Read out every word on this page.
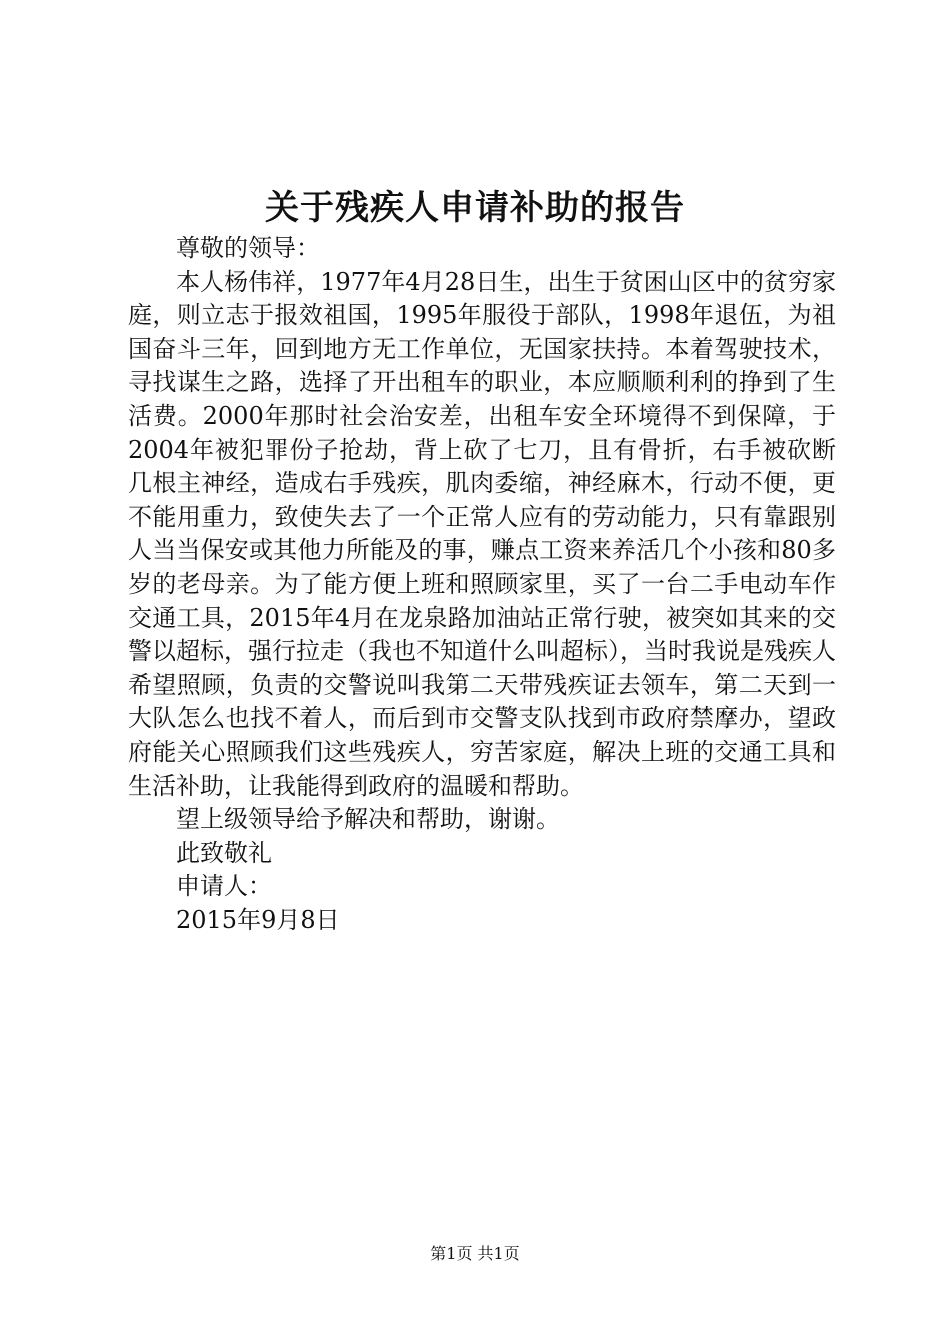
关于残疾人申请补助的报告

尊敬的领导：

本人杨伟祥，1977年4月28日生，出生于贫困山区中的贫穷家庭，则立志于报效祖国，1995年服役于部队，1998年退伍，为祖国奋斗三年，回到地方无工作单位，无国家扶持。本着驾驶技术，寻找谋生之路，选择了开出租车的职业，本应顺顺利利的挣到了生活费。2000年那时社会治安差，出租车安全环境得不到保障，于2004年被犯罪份子抢劫，背上砍了七刀，且有骨折，右手被砍断几根主神经，造成右手残疾，肌肉委缩，神经麻木，行动不便，更不能用重力，致使失去了一个正常人应有的劳动能力，只有靠跟别人当当保安或其他力所能及的事，赚点工资来养活几个小孩和80多岁的老母亲。为了能方便上班和照顾家里，买了一台二手电动车作交通工具，2015年4月在龙泉路加油站正常行驶，被突如其来的交警以超标，强行拉走（我也不知道什么叫超标），当时我说是残疾人希望照顾，负责的交警说叫我第二天带残疾证去领车，第二天到一大队怎么也找不着人，而后到市交警支队找到市政府禁摩办，望政府能关心照顾我们这些残疾人，穷苦家庭，解决上班的交通工具和生活补助，让我能得到政府的温暖和帮助。

望上级领导给予解决和帮助，谢谢。

此致敬礼

申请人：

2015年9月8日

第1页 共1页
